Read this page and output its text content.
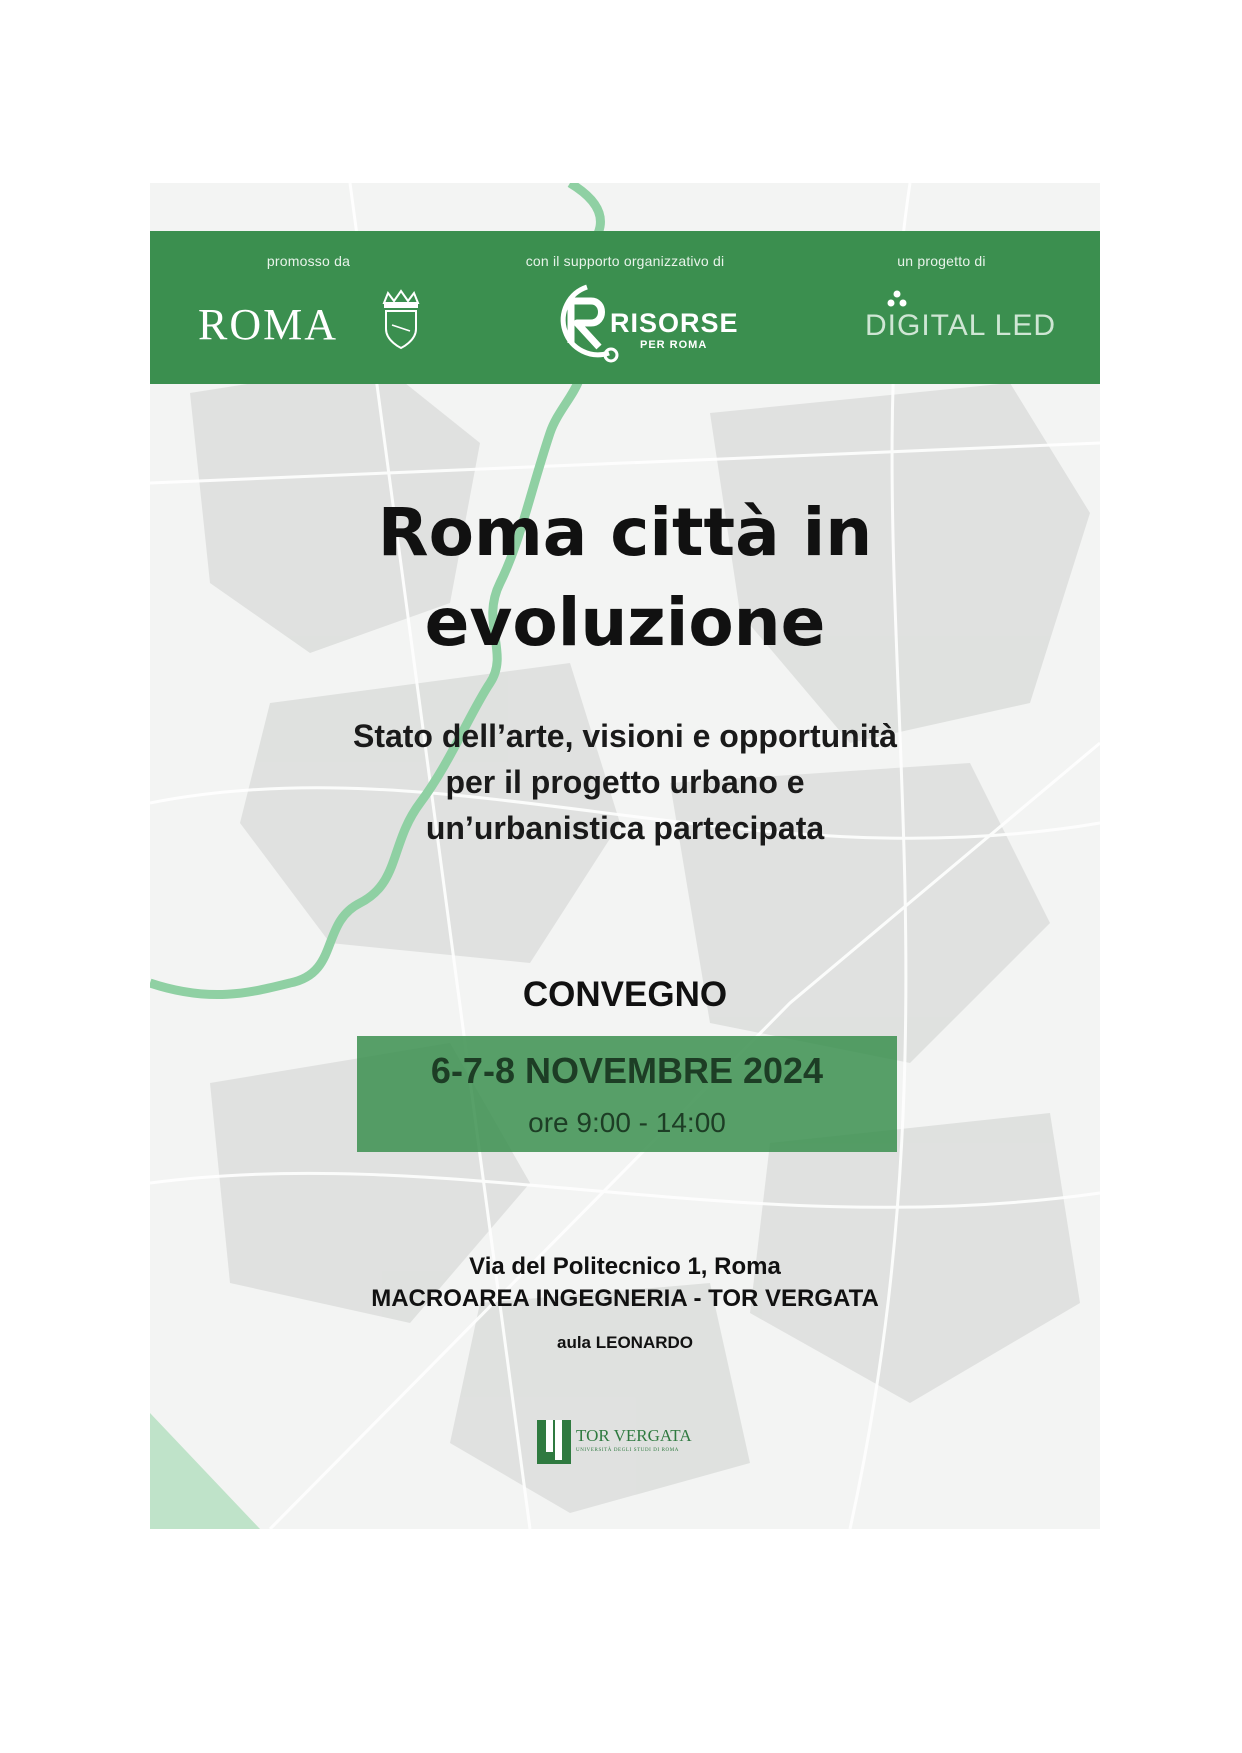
promosso da
ROMA
con il supporto organizzativo di
RISORSE
PER ROMA
un progetto di
DIGITAL LED
Roma città in
evoluzione
Stato dell’arte, visioni e opportunità
per il progetto urbano e
un’urbanistica partecipata
CONVEGNO
6-7-8 NOVEMBRE 2024
ore 9:00 - 14:00
Via del Politecnico 1, Roma
MACROAREA INGEGNERIA - TOR VERGATA
aula LEONARDO
TOR VERGATA
UNIVERSITÀ DEGLI STUDI DI ROMA
